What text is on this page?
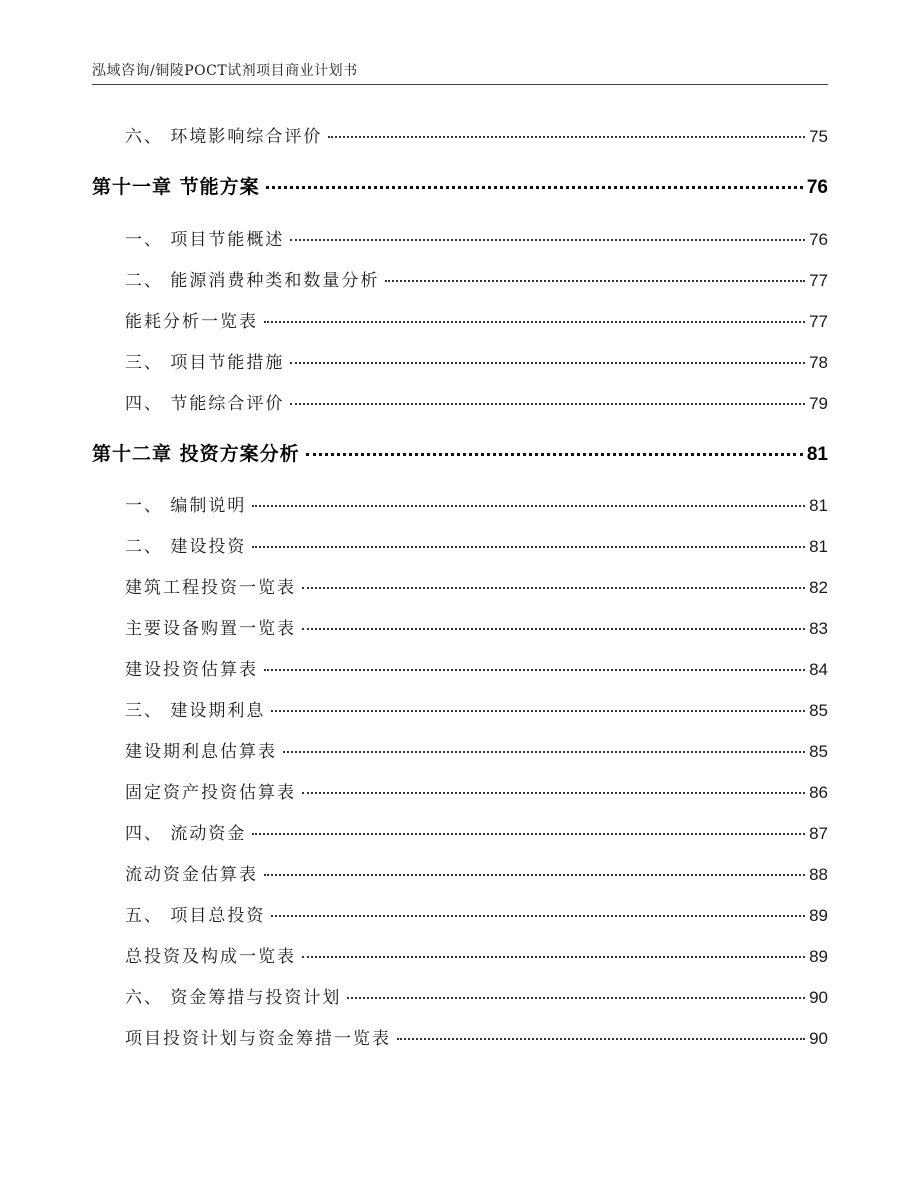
泓域咨询/铜陵POCT试剂项目商业计划书
六、 环境影响综合评价	75
第十一章 节能方案	76
一、 项目节能概述	76
二、 能源消费种类和数量分析	77
能耗分析一览表	77
三、 项目节能措施	78
四、 节能综合评价	79
第十二章 投资方案分析	81
一、 编制说明	81
二、 建设投资	81
建筑工程投资一览表	82
主要设备购置一览表	83
建设投资估算表	84
三、 建设期利息	85
建设期利息估算表	85
固定资产投资估算表	86
四、 流动资金	87
流动资金估算表	88
五、 项目总投资	89
总投资及构成一览表	89
六、 资金筹措与投资计划	90
项目投资计划与资金筹措一览表	90
